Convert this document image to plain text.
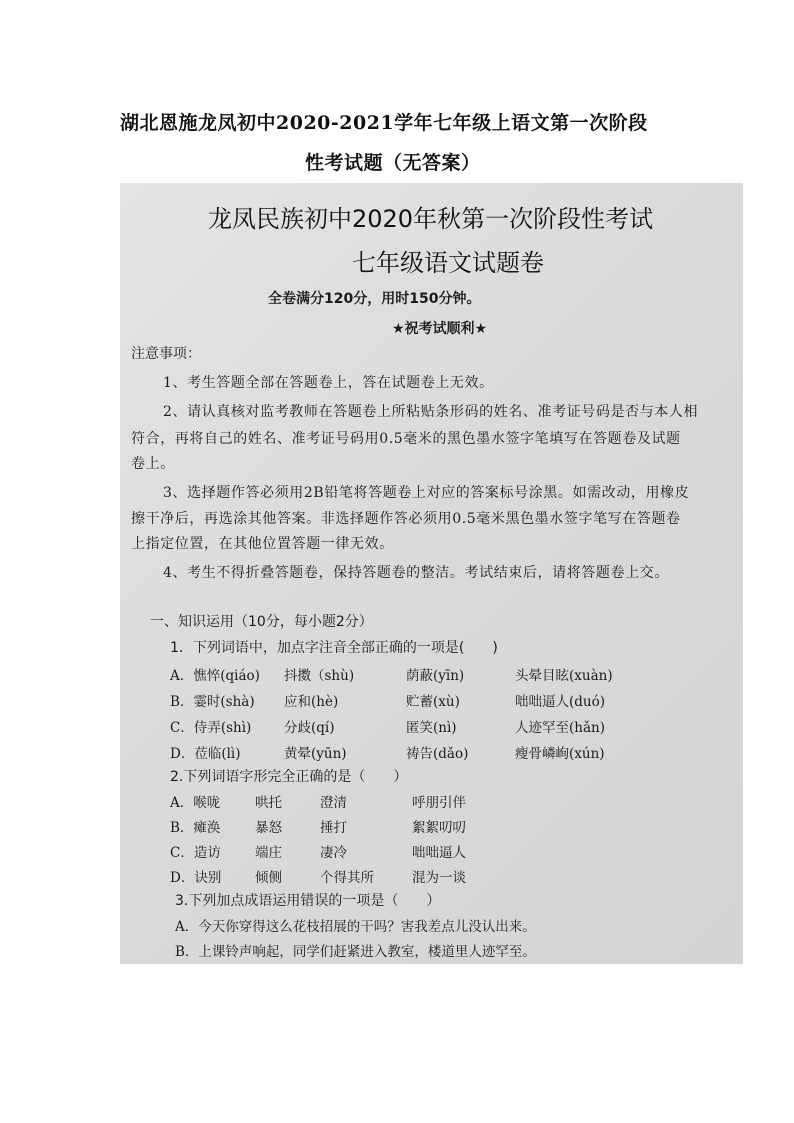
湖北恩施龙凤初中2020-2021学年七年级上语文第一次阶段
性考试题（无答案）
龙凤民族初中2020年秋第一次阶段性考试
七年级语文试题卷
全卷满分120分，用时150分钟。
★祝考试顺利★
注意事项：
1、考生答题全部在答题卷上，答在试题卷上无效。
2、请认真核对监考教师在答题卷上所粘贴条形码的姓名、准考证号码是否与本人相
符合，再将自己的姓名、准考证号码用0.5毫米的黑色墨水签字笔填写在答题卷及试题
卷上。
3、选择题作答必须用2B铅笔将答题卷上对应的答案标号涂黑。如需改动，用橡皮
擦干净后，再选涂其他答案。非选择题作答必须用0.5毫米黑色墨水签字笔写在答题卷
上指定位置，在其他位置答题一律无效。
4、考生不得折叠答题卷，保持答题卷的整洁。考试结束后，请将答题卷上交。
一、知识运用（10分，每小题2分）
1．下列词语中，加点字注音全部正确的一项是(　　)
A．憔悴(qiáo) 抖擞（shù)	荫蔽(yīn)	头晕目眩(xuàn)
B．霎时(shà) 应和(hè)	贮蓄(xù)	咄咄逼人(duó)
C．侍弄(shì) 分歧(qí)	匿笑(nì)	人迹罕至(hǎn)
D．莅临(lì)	黄晕(yūn)	祷告(dǎo)	瘦骨嶙峋(xún)
2.下列词语字形完全正确的是（　　）
A．喉咙	哄托	澄清	呼朋引伴
B．瘫涣	暴怒	捶打	絮絮叨叨
C．造访	端庄	凄冷	咄咄逼人
D．诀别 倾侧	个得其所	混为一谈
3.下列加点成语运用错误的一项是（　　）
A．今天你穿得这么花枝招展的干吗？害我差点儿没认出来。
B．上课铃声响起，同学们赶紧进入教室，楼道里人迹罕至。
